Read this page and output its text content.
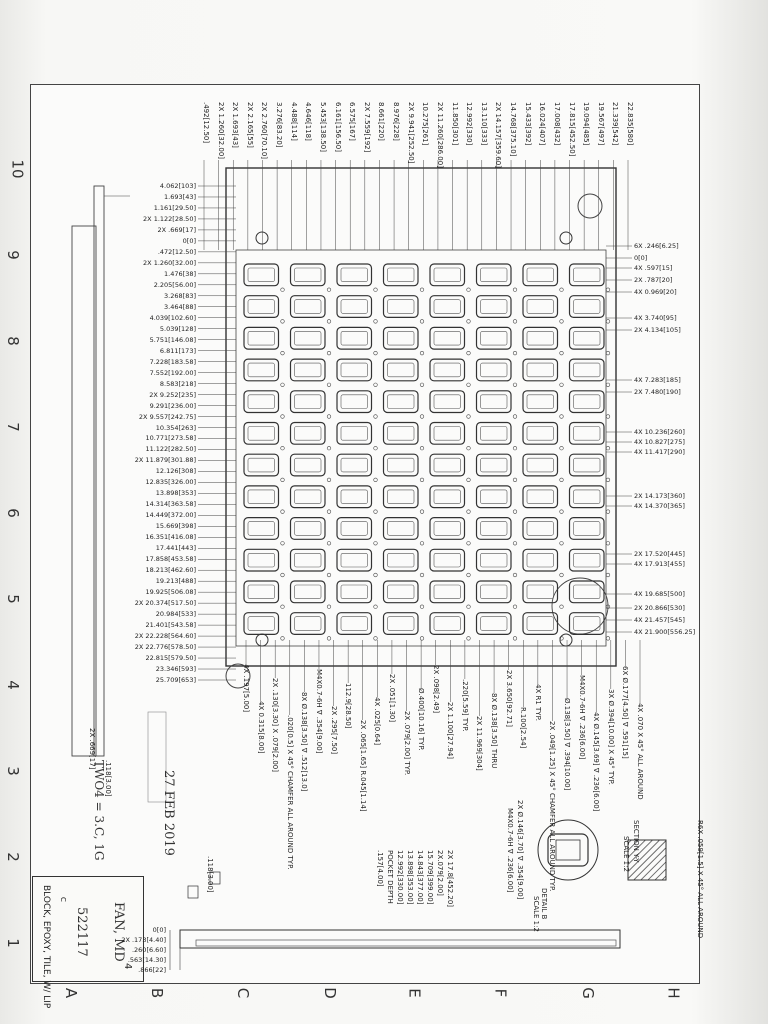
10
9
8
7
6
5
4
3
2
1
A	B	C	D	E	F	G	H
BLOCK, EPOXY, TILE, W/ LIP C
522117
4
27 FEB 2019
TWO4 = 3.C, 1G
FAN, MD
SECTION Y-Y
SCALE 1:2	R6X .059[1.5] X 45° ALL AROUND
DETAIL B
SCALE 1:2
2X Ø.146[3.70] ∇ .354[9.00]
M4X0.7-6H ∇ .236[6.00]
2X .669[17]
.118[3.00]
4.062[103]
1.693[43]
1.161[29.50]
2X 1.122[28.50]
2X .669[17]
0[0]
.472[12.50]
2X 1.260[32.00]
1.476[38]
2.205[56.00]
3.268[83]
3.464[88]
4.039[102.60]
5.039[128]
5.751[146.08]
6.811[173]
7.228[183.58]
7.552[192.00]
8.583[218]
2X 9.252[235]
9.291[236.00]
2X 9.557[242.75]
10.354[263]
10.771[273.58]
11.122[282.50]
2X 11.879[301.88]
12.126[308]
12.835[326.00]
13.898[353]
14.314[363.58]
14.449[372.00]
15.669[398]
16.351[416.08]
17.441[443]
17.858[453.58]
18.213[462.60]
19.213[488]
19.925[506.08]
2X 20.374[517.50]
20.984[533]
21.401[543.58]
2X 22.228[564.60]
2X 22.776[578.50]
22.815[579.50]
23.346[593]
25.709[653]
.492[12.50] 2X 1.260[32.00] 2X 1.693[43] 2X 2.165[55] 2X 2.760[70.10] 3.276[83.20] 4.488[114] 4.646[118] 5.453[138.50] 6.161[156.50] 6.575[167] 2X 7.559[192] 8.661[220] 8.976[228] 2X 9.941[252.50] 10.275[261] 2X 11.260[286.00] 11.850[301] 12.992[330] 13.110[333] 2X 14.157[359.60] 14.768[375.10] 15.433[392] 16.024[407] 17.008[432] 17.815[452.50] 19.094[485] 19.567[497] 21.339[542] 22.835[580]
6X .246[6.25]
0[0]
4X .597[15]
2X .787[20]
4X 0.969[20]
4X 3.740[95]
2X 4.134[105]
4X 7.283[185]
2X 7.480[190]
4X 10.236[260]
4X 10.827[275]
4X 11.417[290]
2X 14.173[360]
4X 14.370[365]
2X 17.520[445]
4X 17.913[455]
4X 19.685[500]
2X 20.866[530]
4X 21.457[545]
4X 21.900[556.25]
4X .197[5.00]
4X 0.315[8.00] 2X .130[3.30] X .079[2.00] .020[0.5] X 45° CHAMFER ALL AROUND TYP. 8X Ø.138[3.50] ∇ .512[13.0] M4X0.7-6H ∇ .354[9.00] 2X .295[7.50]
112.9[28.50]
2X .065[1.65] R.045[1.14] 4X .025[0.64] 2X .051[1.30]
2X .079[2.00] TYP. Ø.400[10.16] TYP. 2X .098[2.49]
2X 1.100[27.94] .220[5.59] TYP.
2X 11.969[304] 8X Ø.138[3.50] THRU 2X 3.650[92.71]
R.100[2.54]
4X R1 TYP.
2X .049[1.25] X 45° CHAMFER ALL AROUND TYP. Ø.138[3.50] ∇ .394[10.00] M4X0.7-6H ∇ .236[6.00] 4X Ø.145[3.69] ∇ .236[6.00] 3X Ø.394[10.00] X 45° TYP. 6X Ø.177[4.50] ∇ .591[15] 4X .070 X 45° ALL AROUND
0[0]
2X .173[4.40]
.260[6.60]
.563[14.30]
.866[22]
.157[4.00] POCKET DEPTH 12.992[330.00] 13.898[353.00] 14.843[377.00] 15.709[399.00] 2X.079[2.00] 2X 17.8[452.20]
.118[3.00]
